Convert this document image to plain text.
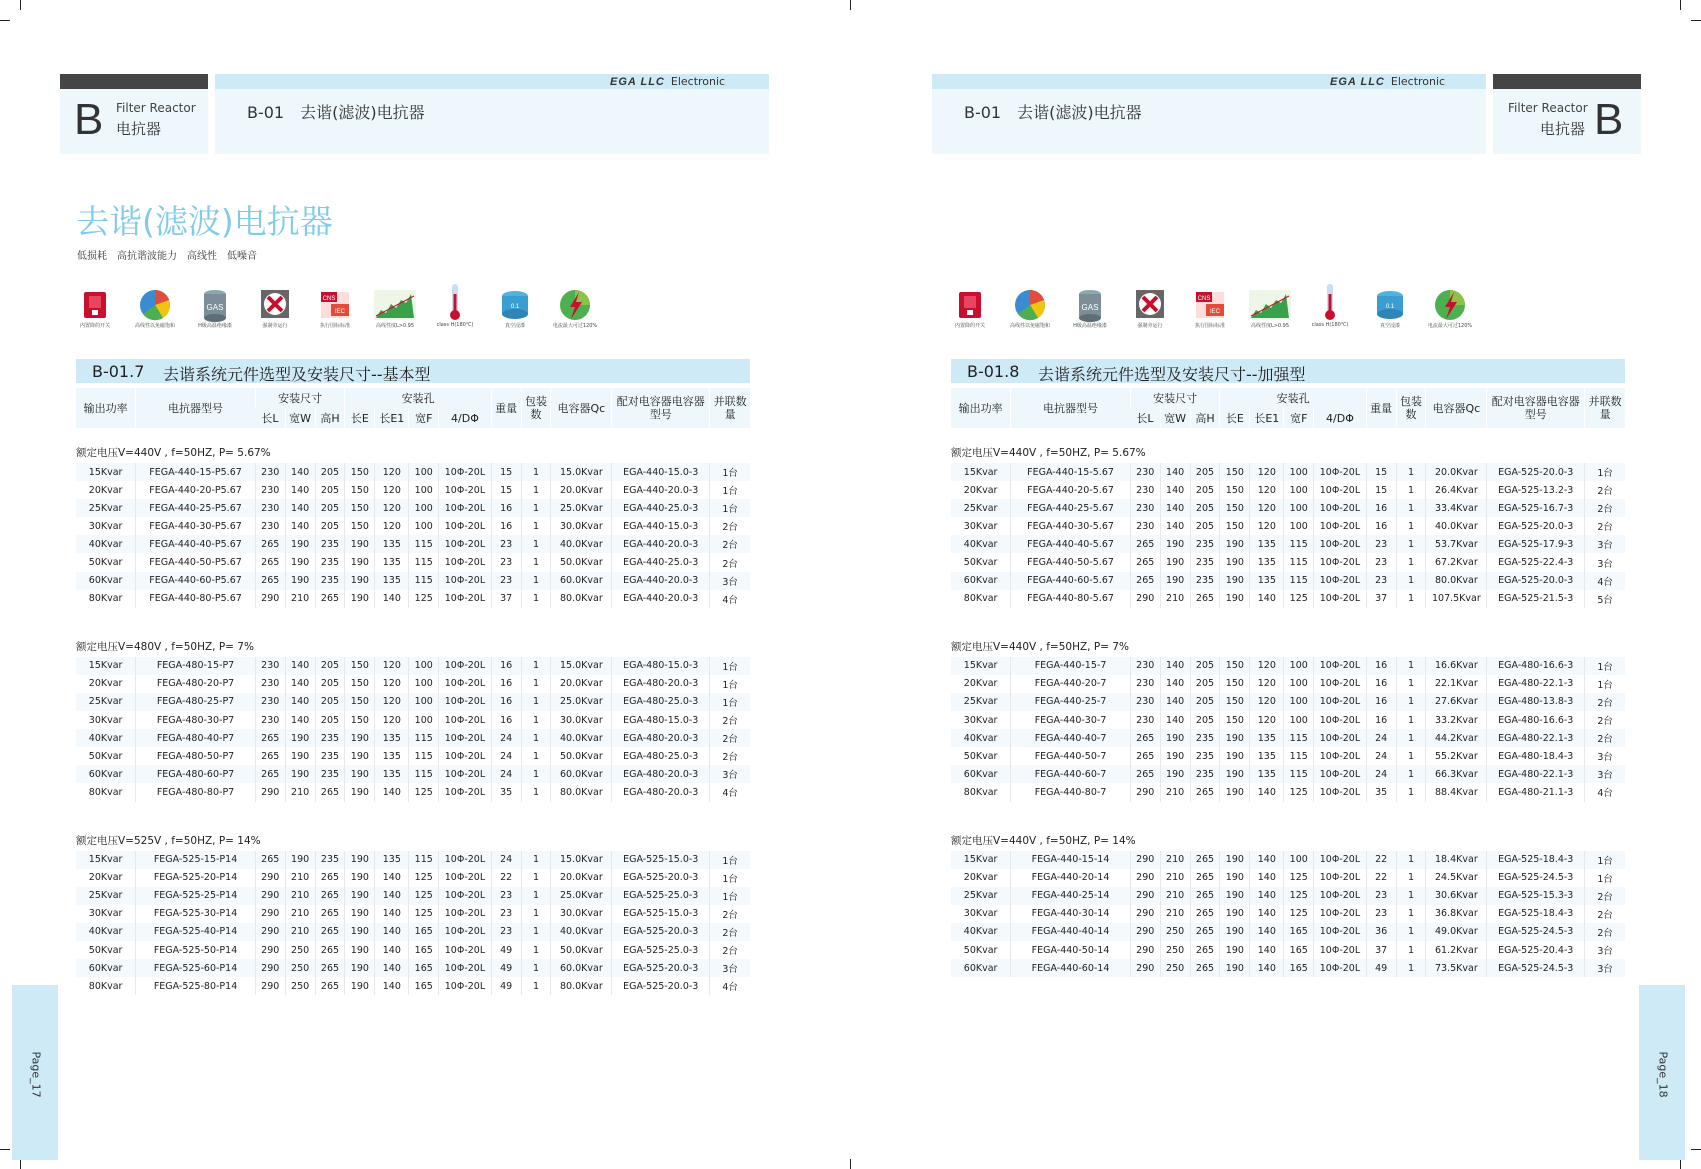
EGA LLC Electronic
B Filter Reactor
电抗器
B-01　去谐(滤波)电抗器
去谐(滤波)电抗器
低损耗　高抗谐波能力　高线性　低噪音
内置降的开关	高线性以免磁饱和
GAS
H级高温绝缘漆	强制旁运行
CNS
IEC
执行国标标准	高线性度L>0.95	class H(180℃)
0.1
真空浸漆	电流最大可过120%
B-01.7 去谐系统元件选型及安装尺寸--基本型
输出功率	电抗器型号	安装尺寸			安装孔				重量	包装数	电容器Qc	配对电容器电容器型号	并联数量
		长L	宽W	高H	长E	长E1	宽F	4/DΦ					
额定电压V=440V , f=50HZ, P= 5.67%													
15Kvar	FEGA-440-15-P5.67	230	140	205	150	120	100	10Φ-20L	15	1	15.0Kvar	EGA-440-15.0-3	1台
20Kvar	FEGA-440-20-P5.67	230	140	205	150	120	100	10Φ-20L	15	1	20.0Kvar	EGA-440-20.0-3	1台
25Kvar	FEGA-440-25-P5.67	230	140	205	150	120	100	10Φ-20L	16	1	25.0Kvar	EGA-440-25.0-3	1台
30Kvar	FEGA-440-30-P5.67	230	140	205	150	120	100	10Φ-20L	16	1	30.0Kvar	EGA-440-15.0-3	2台
40Kvar	FEGA-440-40-P5.67	265	190	235	190	135	115	10Φ-20L	23	1	40.0Kvar	EGA-440-20.0-3	2台
50Kvar	FEGA-440-50-P5.67	265	190	235	190	135	115	10Φ-20L	23	1	50.0Kvar	EGA-440-25.0-3	2台
60Kvar	FEGA-440-60-P5.67	265	190	235	190	135	115	10Φ-20L	23	1	60.0Kvar	EGA-440-20.0-3	3台
80Kvar	FEGA-440-80-P5.67	290	210	265	190	140	125	10Φ-20L	37	1	80.0Kvar	EGA-440-20.0-3	4台
额定电压V=480V , f=50HZ, P= 7%													
15Kvar	FEGA-480-15-P7	230	140	205	150	120	100	10Φ-20L	16	1	15.0Kvar	EGA-480-15.0-3	1台
20Kvar	FEGA-480-20-P7	230	140	205	150	120	100	10Φ-20L	16	1	20.0Kvar	EGA-480-20.0-3	1台
25Kvar	FEGA-480-25-P7	230	140	205	150	120	100	10Φ-20L	16	1	25.0Kvar	EGA-480-25.0-3	1台
30Kvar	FEGA-480-30-P7	230	140	205	150	120	100	10Φ-20L	16	1	30.0Kvar	EGA-480-15.0-3	2台
40Kvar	FEGA-480-40-P7	265	190	235	190	135	115	10Φ-20L	24	1	40.0Kvar	EGA-480-20.0-3	2台
50Kvar	FEGA-480-50-P7	265	190	235	190	135	115	10Φ-20L	24	1	50.0Kvar	EGA-480-25.0-3	2台
60Kvar	FEGA-480-60-P7	265	190	235	190	135	115	10Φ-20L	24	1	60.0Kvar	EGA-480-20.0-3	3台
80Kvar	FEGA-480-80-P7	290	210	265	190	140	125	10Φ-20L	35	1	80.0Kvar	EGA-480-20.0-3	4台
额定电压V=525V , f=50HZ, P= 14%													
15Kvar	FEGA-525-15-P14	265	190	235	190	135	115	10Φ-20L	24	1	15.0Kvar	EGA-525-15.0-3	1台
20Kvar	FEGA-525-20-P14	290	210	265	190	140	125	10Φ-20L	22	1	20.0Kvar	EGA-525-20.0-3	1台
25Kvar	FEGA-525-25-P14	290	210	265	190	140	125	10Φ-20L	23	1	25.0Kvar	EGA-525-25.0-3	1台
30Kvar	FEGA-525-30-P14	290	210	265	190	140	125	10Φ-20L	23	1	30.0Kvar	EGA-525-15.0-3	2台
40Kvar	FEGA-525-40-P14	290	210	265	190	140	165	10Φ-20L	23	1	40.0Kvar	EGA-525-20.0-3	2台
50Kvar	FEGA-525-50-P14	290	250	265	190	140	165	10Φ-20L	49	1	50.0Kvar	EGA-525-25.0-3	2台
60Kvar	FEGA-525-60-P14	290	250	265	190	140	165	10Φ-20L	49	1	60.0Kvar	EGA-525-20.0-3	3台
80Kvar	FEGA-525-80-P14	290	250	265	190	140	165	10Φ-20L	49	1	80.0Kvar	EGA-525-20.0-3	4台
Page_17
EGA LLC Electronic
B-01　去谐(滤波)电抗器	Filter Reactor
电抗器 B
内置降的开关	高线性以免磁饱和
GAS
H级高温绝缘漆	强制旁运行
CNS
IEC
执行国标标准	高线性度L>0.95	class H(180℃)
0.1
真空浸漆	电流最大可过120%
B-01.8 去谐系统元件选型及安装尺寸--加强型
输出功率	电抗器型号	安装尺寸			安装孔				重量	包装数	电容器Qc	配对电容器电容器型号	并联数量
		长L	宽W	高H	长E	长E1	宽F	4/DΦ					
额定电压V=440V , f=50HZ, P= 5.67%													
15Kvar	FEGA-440-15-5.67	230	140	205	150	120	100	10Φ-20L	15	1	20.0Kvar	EGA-525-20.0-3	1台
20Kvar	FEGA-440-20-5.67	230	140	205	150	120	100	10Φ-20L	15	1	26.4Kvar	EGA-525-13.2-3	2台
25Kvar	FEGA-440-25-5.67	230	140	205	150	120	100	10Φ-20L	16	1	33.4Kvar	EGA-525-16.7-3	2台
30Kvar	FEGA-440-30-5.67	230	140	205	150	120	100	10Φ-20L	16	1	40.0Kvar	EGA-525-20.0-3	2台
40Kvar	FEGA-440-40-5.67	265	190	235	190	135	115	10Φ-20L	23	1	53.7Kvar	EGA-525-17.9-3	3台
50Kvar	FEGA-440-50-5.67	265	190	235	190	135	115	10Φ-20L	23	1	67.2Kvar	EGA-525-22.4-3	3台
60Kvar	FEGA-440-60-5.67	265	190	235	190	135	115	10Φ-20L	23	1	80.0Kvar	EGA-525-20.0-3	4台
80Kvar	FEGA-440-80-5.67	290	210	265	190	140	125	10Φ-20L	37	1	107.5Kvar	EGA-525-21.5-3	5台
额定电压V=440V , f=50HZ, P= 7%													
15Kvar	FEGA-440-15-7	230	140	205	150	120	100	10Φ-20L	16	1	16.6Kvar	EGA-480-16.6-3	1台
20Kvar	FEGA-440-20-7	230	140	205	150	120	100	10Φ-20L	16	1	22.1Kvar	EGA-480-22.1-3	1台
25Kvar	FEGA-440-25-7	230	140	205	150	120	100	10Φ-20L	16	1	27.6Kvar	EGA-480-13.8-3	2台
30Kvar	FEGA-440-30-7	230	140	205	150	120	100	10Φ-20L	16	1	33.2Kvar	EGA-480-16.6-3	2台
40Kvar	FEGA-440-40-7	265	190	235	190	135	115	10Φ-20L	24	1	44.2Kvar	EGA-480-22.1-3	2台
50Kvar	FEGA-440-50-7	265	190	235	190	135	115	10Φ-20L	24	1	55.2Kvar	EGA-480-18.4-3	3台
60Kvar	FEGA-440-60-7	265	190	235	190	135	115	10Φ-20L	24	1	66.3Kvar	EGA-480-22.1-3	3台
80Kvar	FEGA-440-80-7	290	210	265	190	140	125	10Φ-20L	35	1	88.4Kvar	EGA-480-21.1-3	4台
额定电压V=440V , f=50HZ, P= 14%													
15Kvar	FEGA-440-15-14	290	210	265	190	140	100	10Φ-20L	22	1	18.4Kvar	EGA-525-18.4-3	1台
20Kvar	FEGA-440-20-14	290	210	265	190	140	125	10Φ-20L	22	1	24.5Kvar	EGA-525-24.5-3	1台
25Kvar	FEGA-440-25-14	290	210	265	190	140	125	10Φ-20L	23	1	30.6Kvar	EGA-525-15.3-3	2台
30Kvar	FEGA-440-30-14	290	210	265	190	140	125	10Φ-20L	23	1	36.8Kvar	EGA-525-18.4-3	2台
40Kvar	FEGA-440-40-14	290	250	265	190	140	165	10Φ-20L	36	1	49.0Kvar	EGA-525-24.5-3	2台
50Kvar	FEGA-440-50-14	290	250	265	190	140	165	10Φ-20L	37	1	61.2Kvar	EGA-525-20.4-3	3台
60Kvar	FEGA-440-60-14	290	250	265	190	140	165	10Φ-20L	49	1	73.5Kvar	EGA-525-24.5-3	3台
Page_18
